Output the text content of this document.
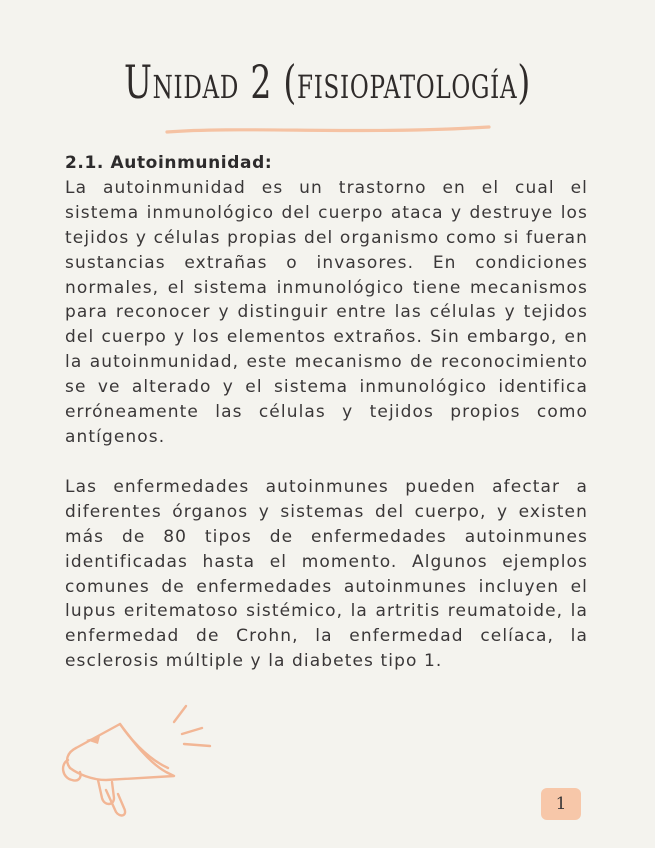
Unidad 2 (fisiopatología)

2.1. Autoinmunidad:

La autoinmunidad es un trastorno en el cual el sistema inmunológico del cuerpo ataca y destruye los tejidos y células propias del organismo como si fueran sustancias extrañas o invasores. En condiciones normales, el sistema inmunológico tiene mecanismos para reconocer y distinguir entre las células y tejidos del cuerpo y los elementos extraños. Sin embargo, en la autoinmunidad, este mecanismo de reconocimiento se ve alterado y el sistema inmunológico identifica erróneamente las células y tejidos propios como antígenos.

Las enfermedades autoinmunes pueden afectar a diferentes órganos y sistemas del cuerpo, y existen más de 80 tipos de enfermedades autoinmunes identificadas hasta el momento. Algunos ejemplos comunes de enfermedades autoinmunes incluyen el lupus eritematoso sistémico, la artritis reumatoide, la enfermedad de Crohn, la enfermedad celíaca, la esclerosis múltiple y la diabetes tipo 1.

1
